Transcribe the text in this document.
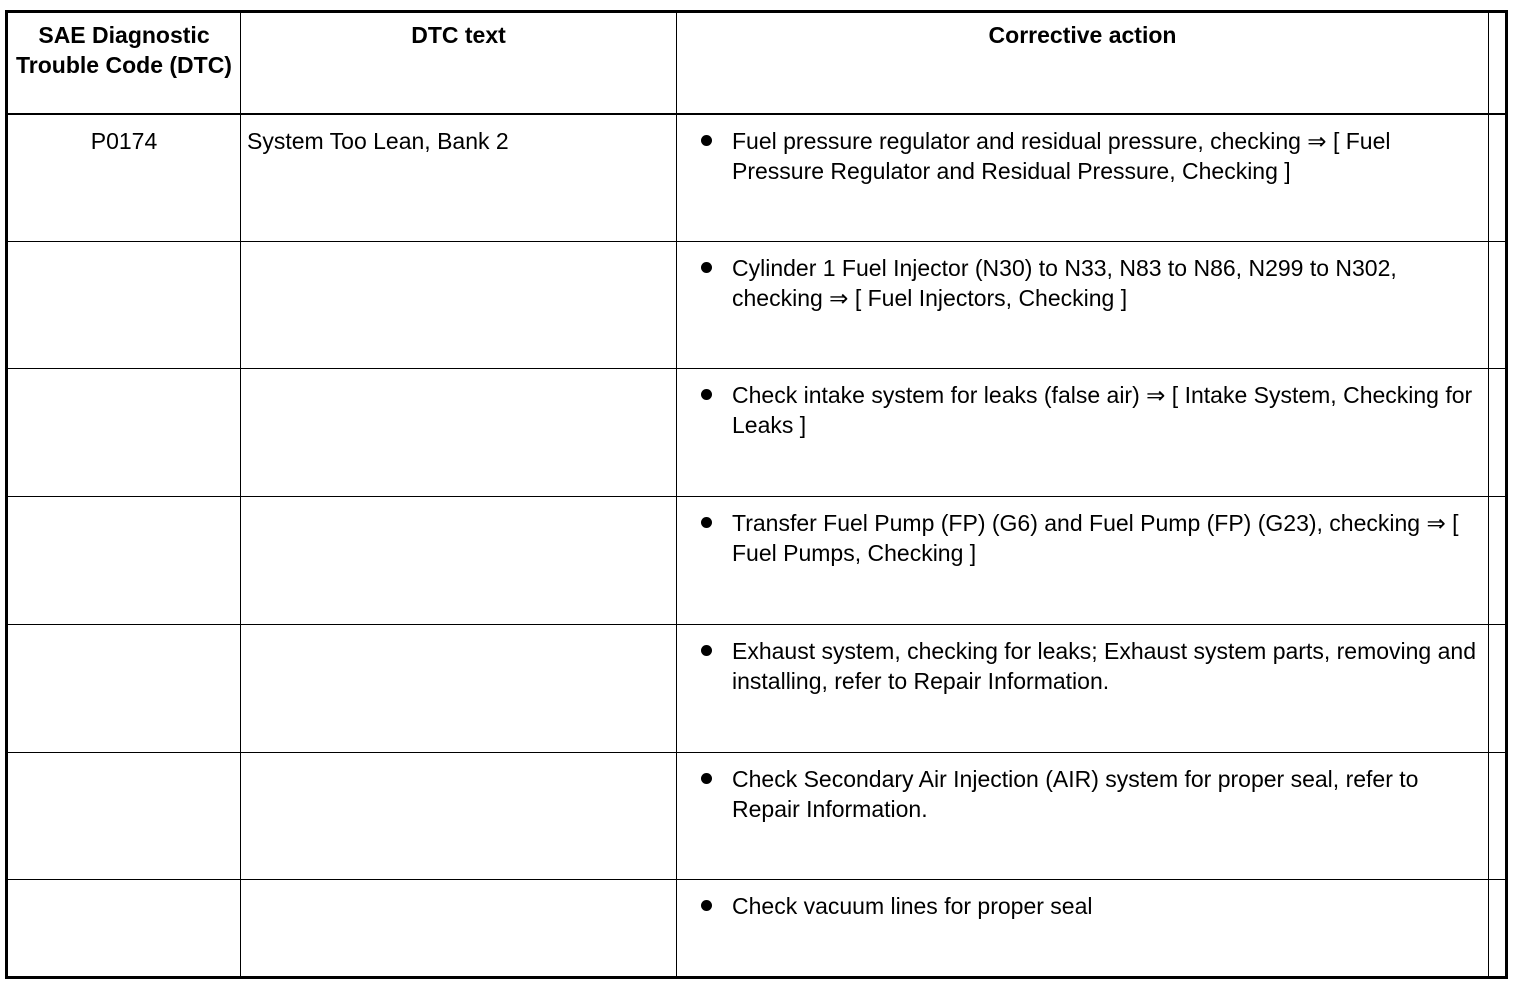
SAE Diagnostic Trouble Code (DTC)	DTC text	Corrective action	
P0174	System Too Lean, Bank 2	Fuel pressure regulator and residual pressure, checking ⇒ [ Fuel Pressure Regulator and Residual Pressure, Checking ]	

		Cylinder 1 Fuel Injector (N30) to N33, N83 to N86, N299 to N302, checking ⇒ [ Fuel Injectors, Checking ]	

		Check intake system for leaks (false air) ⇒ [ Intake System, Checking for Leaks ]	

		Transfer Fuel Pump (FP) (G6) and Fuel Pump (FP) (G23), checking ⇒ [ Fuel Pumps, Checking ]	

		Exhaust system, checking for leaks; Exhaust system parts, removing and installing, refer to Repair Information.	

		Check Secondary Air Injection (AIR) system for proper seal, refer to Repair Information.	

		Check vacuum lines for proper seal	
